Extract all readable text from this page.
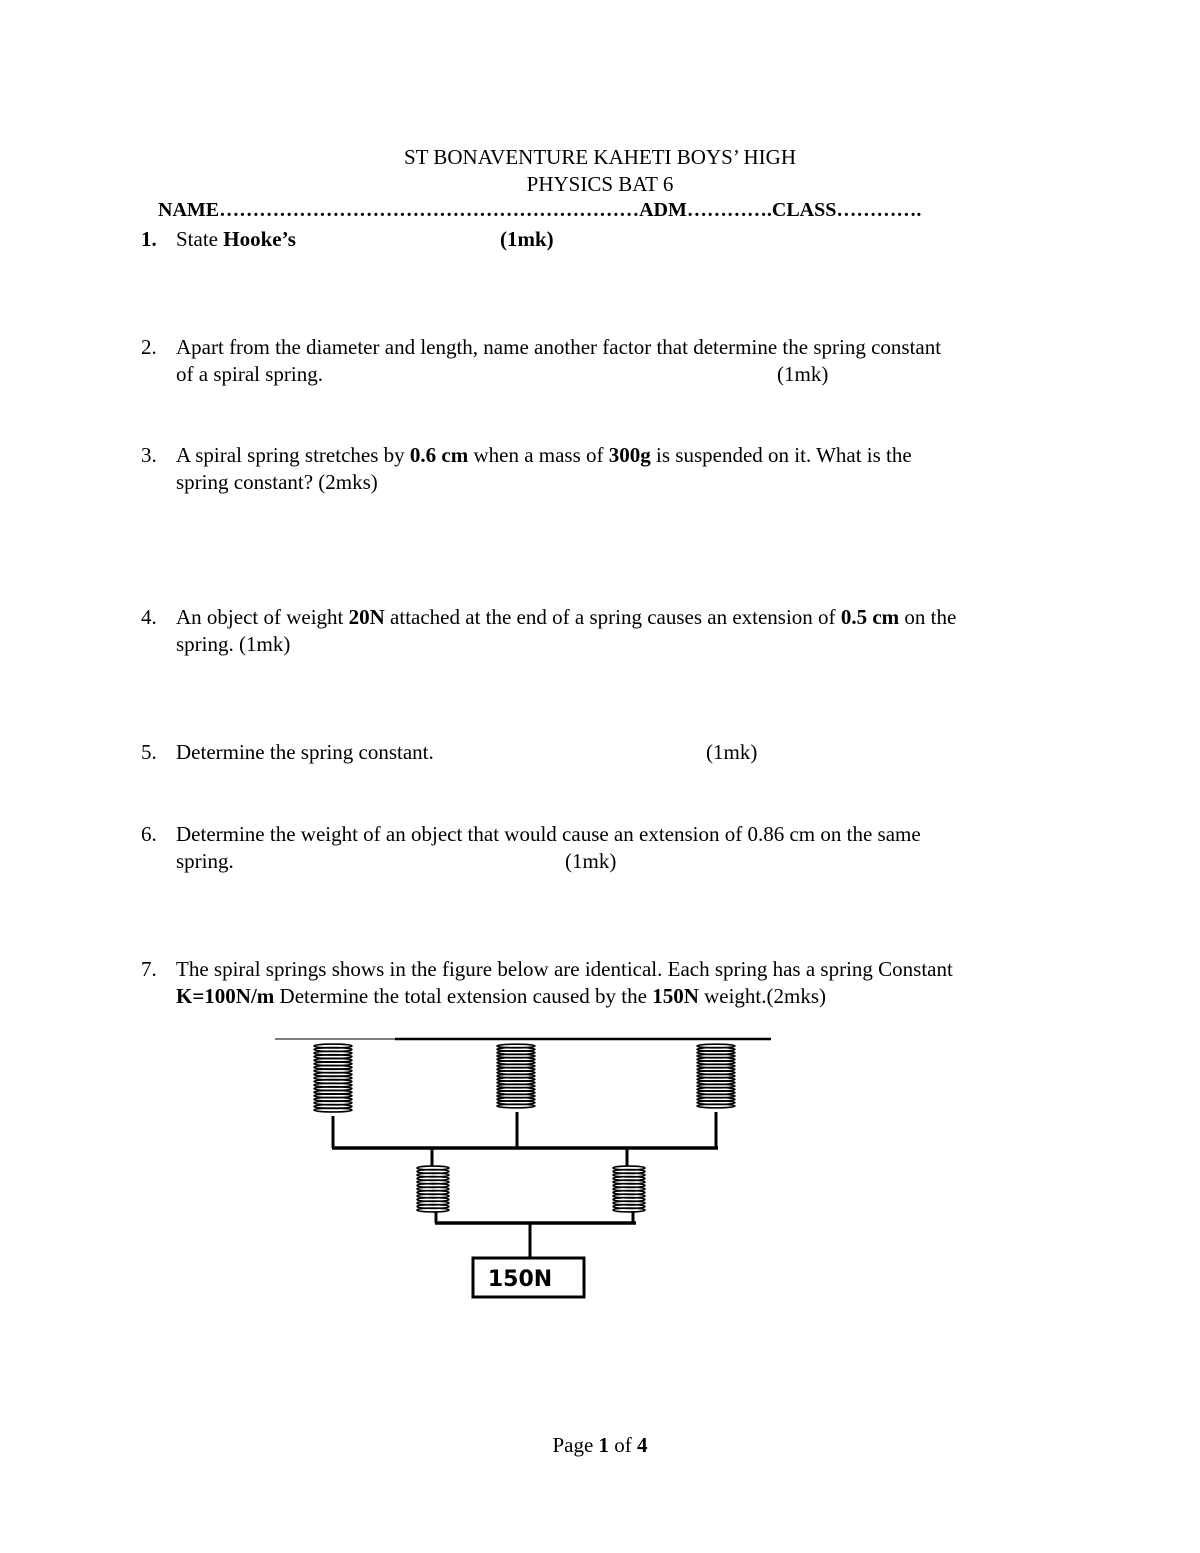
ST BONAVENTURE KAHETI BOYS’ HIGH
PHYSICS BAT 6
NAME………………………………………………………ADM………….CLASS………….
1. State Hooke’s	(1mk)
2. Apart from the diameter and length, name another factor that determine the spring constant
of a spiral spring.	(1mk)
3. A spiral spring stretches by 0.6 cm when a mass of 300g is suspended on it. What is the
spring constant? (2mks)
4. An object of weight 20N attached at the end of a spring causes an extension of 0.5 cm on the
spring. (1mk)
5. Determine the spring constant.	(1mk)
6. Determine the weight of an object that would cause an extension of 0.86 cm on the same
spring.	(1mk)
7. The spiral springs shows in the figure below are identical. Each spring has a spring Constant
K=100N/m Determine the total extension caused by the 150N weight.(2mks)
150N
Page 1 of 4
